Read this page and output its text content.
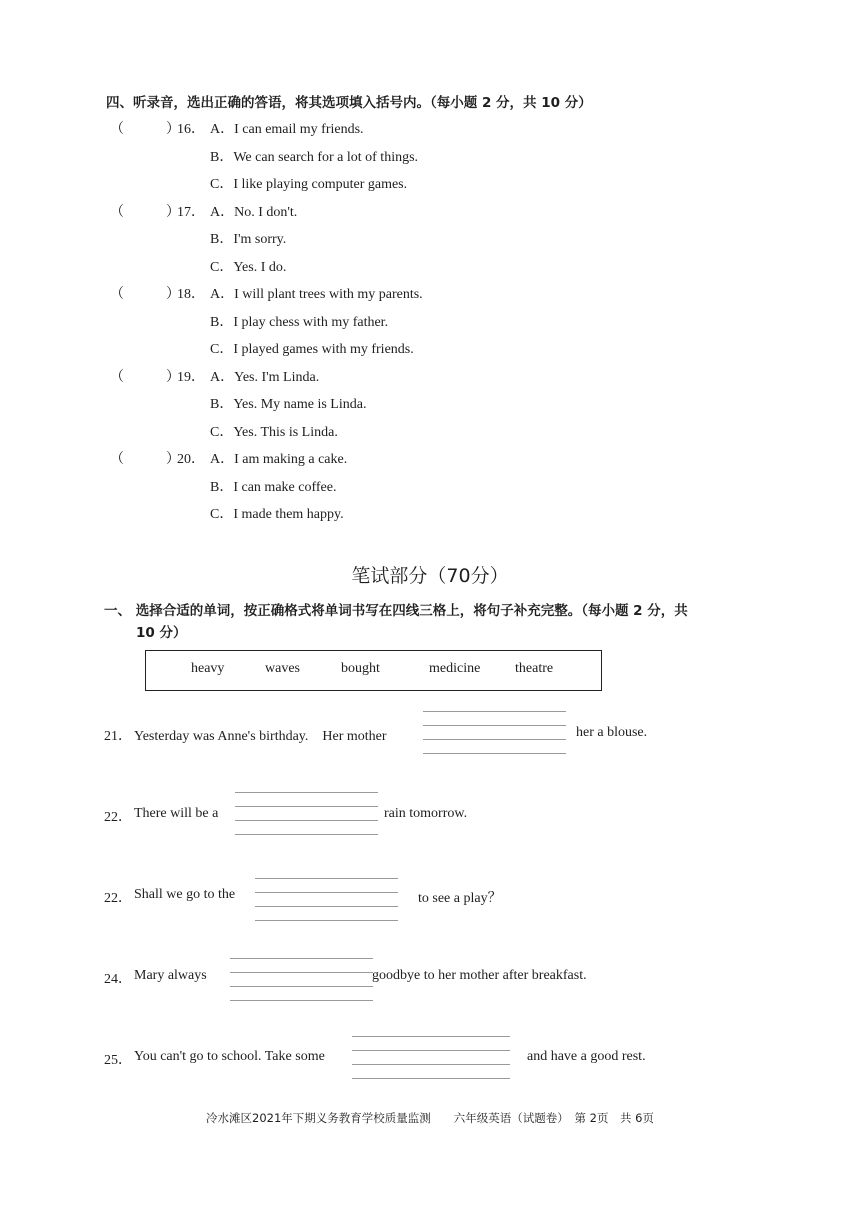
四、听录音，选出正确的答语，将其选项填入括号内。（每小题 2 分，共 10 分）
（	）
16． A．I can email my friends.
B．We can search for a lot of things.
C．I like playing computer games.
（	）
17． A．No. I don't.
B．I'm sorry.
C．Yes. I do.
（	）
18． A．I will plant trees with my parents.
B．I play chess with my father.
C．I played games with my friends.
（	）
19． A．Yes. I'm Linda.
B．Yes. My name is Linda.
C．Yes. This is Linda.
（	）
20． A．I am making a cake.
B．I can make coffee.
C．I made them happy.
笔试部分（70分）
一、 选择合适的单词，按正确格式将单词书写在四线三格上，将句子补充完整。（每小题 2 分，共
10 分）
heavy	waves	bought	medicine theatre
21． Yesterday was Anne's birthday.　Her mother	her a blouse.
22． There will be a	rain tomorrow.
22． Shall we go to the	to see a play？
24． Mary always	goodbye to her mother after breakfast.
25． You can't go to school. Take some	and have a good rest.
冷水滩区2021年下期义务教育学校质量监测　　六年级英语（试题卷）　第 2页　共 6页
